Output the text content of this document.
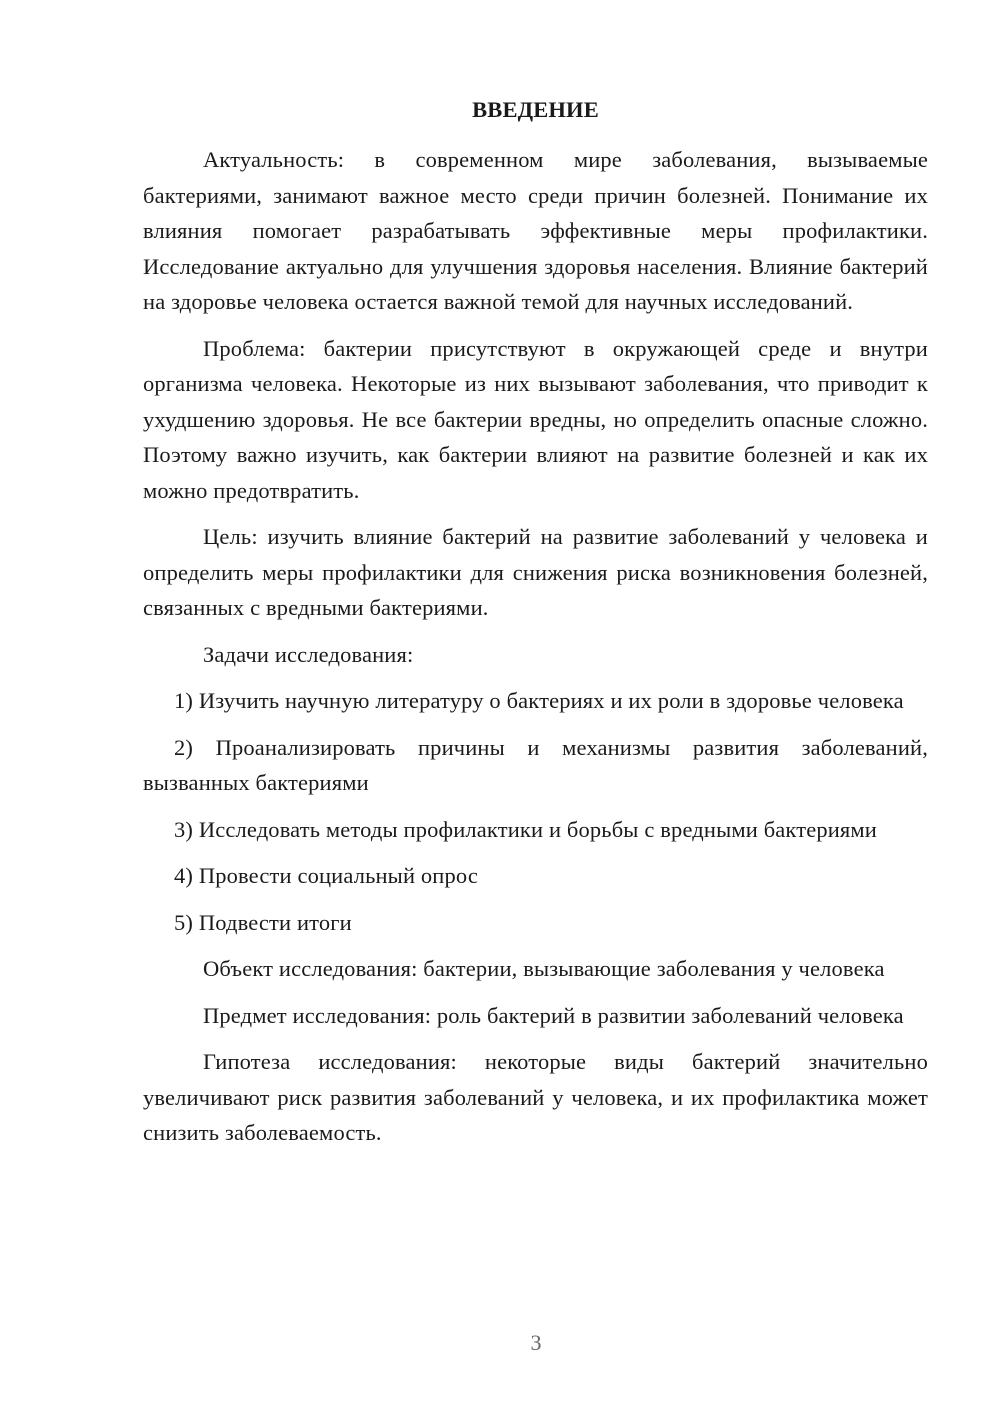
ВВЕДЕНИЕ

Актуальность: в современном мире заболевания, вызываемые бактериями, занимают важное место среди причин болезней. Понимание их влияния помогает разрабатывать эффективные меры профилактики. Исследование актуально для улучшения здоровья населения. Влияние бактерий на здоровье человека остается важной темой для научных исследований.

Проблема: бактерии присутствуют в окружающей среде и внутри организма человека. Некоторые из них вызывают заболевания, что приводит к ухудшению здоровья. Не все бактерии вредны, но определить опасные сложно. Поэтому важно изучить, как бактерии влияют на развитие болезней и как их можно предотвратить.

Цель: изучить влияние бактерий на развитие заболеваний у человека и определить меры профилактики для снижения риска возникновения болезней, связанных с вредными бактериями.

Задачи исследования:

1) Изучить научную литературу о бактериях и их роли в здоровье человека

2) Проанализировать причины и механизмы развития заболеваний, вызванных бактериями

3) Исследовать методы профилактики и борьбы с вредными бактериями

4) Провести социальный опрос

5) Подвести итоги

Объект исследования: бактерии, вызывающие заболевания у человека

Предмет исследования: роль бактерий в развитии заболеваний человека

Гипотеза исследования: некоторые виды бактерий значительно увеличивают риск развития заболеваний у человека, и их профилактика может снизить заболеваемость.

3
